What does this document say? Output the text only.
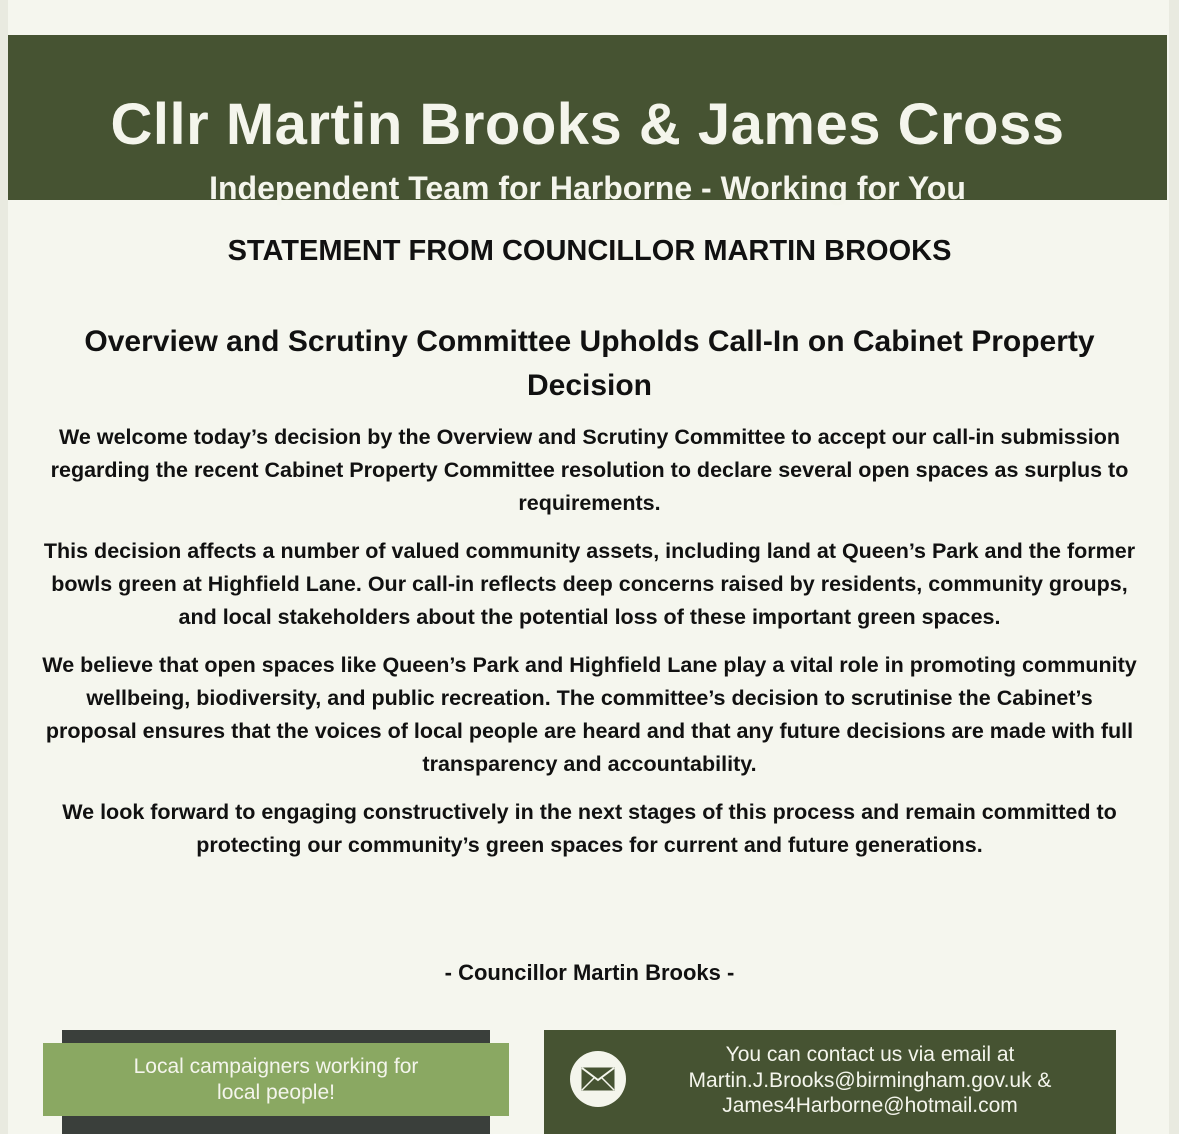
Cllr Martin Brooks & James Cross
Independent Team for Harborne - Working for You
STATEMENT FROM COUNCILLOR MARTIN BROOKS
Overview and Scrutiny Committee Upholds Call-In on Cabinet Property Decision

We welcome today’s decision by the Overview and Scrutiny Committee to accept our call-in submission regarding the recent Cabinet Property Committee resolution to declare several open spaces as surplus to requirements.

This decision affects a number of valued community assets, including land at Queen’s Park and the former bowls green at Highfield Lane. Our call-in reflects deep concerns raised by residents, community groups, and local stakeholders about the potential loss of these important green spaces.

We believe that open spaces like Queen’s Park and Highfield Lane play a vital role in promoting community wellbeing, biodiversity, and public recreation. The committee’s decision to scrutinise the Cabinet’s proposal ensures that the voices of local people are heard and that any future decisions are made with full transparency and accountability.

We look forward to engaging constructively in the next stages of this process and remain committed to protecting our community’s green spaces for current and future generations.

- Councillor Martin Brooks -
Local campaigners working for
local people!
You can contact us via email at
Martin.J.Brooks@birmingham.gov.uk &
James4Harborne@hotmail.com
